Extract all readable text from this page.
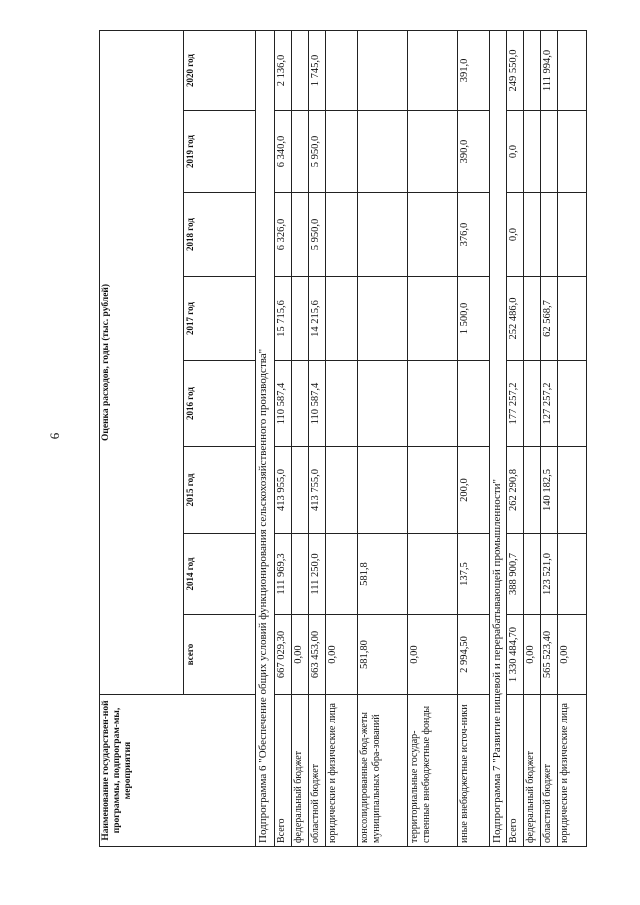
6
Наименование государствен-ной программы, подпрограм-мы, мероприятия	Оценка расходов, годы (тыс. рублей)							
	всего	2014 год	2015 год	2016 год	2017 год	2018 год	2019 год	2020 год
Подпрограмма 6 "Обеспечение общих условий функционирования сельскохозяйственного производства"								
Всего	667 029,30	111 969,3	413 955,0	110 587,4	15 715,6	6 326,0	6 340,0	2 136,0
федеральный бюджет	0,00							
областной бюджет	663 453,00	111 250,0	413 755,0	110 587,4	14 215,6	5 950,0	5 950,0	1 745,0
юридические и физические лица	0,00							
консолидированные бюд-жеты муниципальных обра-зований	581,80	581,8						
территориальные государ-ственные внебюджетные фонды	0,00							
иные внебюджетные источ-ники	2 994,50	137,5	200,0		1 500,0	376,0	390,0	391,0
Подпрограмма 7 "Развитие пищевой и перерабатывающей промышленности"								
Всего	1 330 484,70	388 900,7	262 290,8	177 257,2	252 486,0	0,0	0,0	249 550,0
федеральный бюджет	0,00							
областной бюджет	565 523,40	123 521,0	140 182,5	127 257,2	62 568,7			111 994,0
юридические и физические лица	0,00							
